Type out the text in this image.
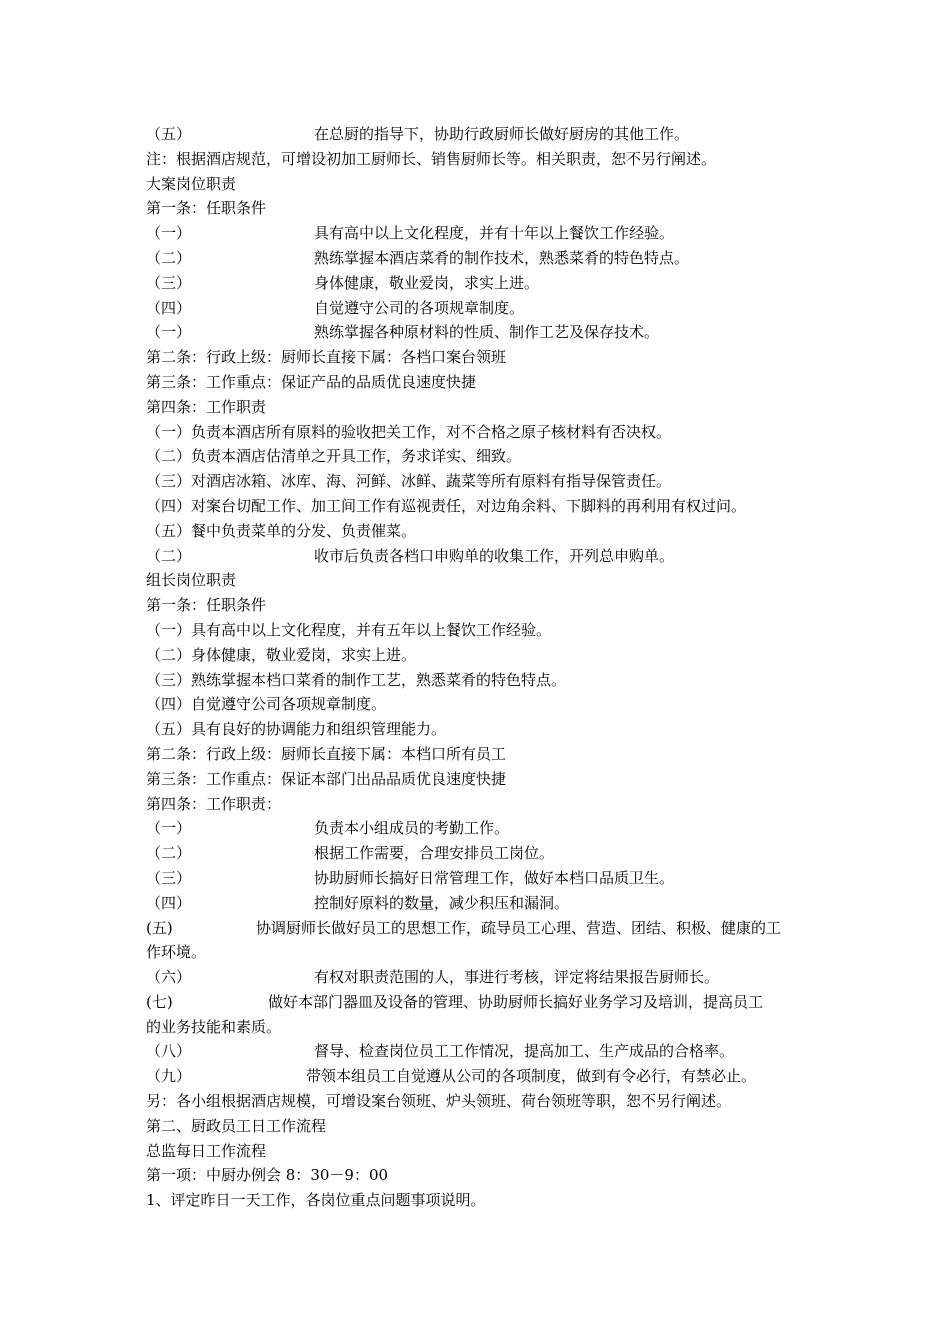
（五）	在总厨的指导下，协助行政厨师长做好厨房的其他工作。
注：根据酒店规范，可增设初加工厨师长、销售厨师长等。相关职责，恕不另行阐述。
大案岗位职责
第一条：任职条件
（一）	具有高中以上文化程度，并有十年以上餐饮工作经验。
（二）	熟练掌握本酒店菜肴的制作技术，熟悉菜肴的特色特点。
（三）	身体健康，敬业爱岗，求实上进。
（四）	自觉遵守公司的各项规章制度。
（一）	熟练掌握各种原材料的性质、制作工艺及保存技术。
第二条：行政上级：厨师长直接下属：各档口案台领班
第三条：工作重点：保证产品的品质优良速度快捷
第四条：工作职责
（一）负责本酒店所有原料的验收把关工作，对不合格之原子核材料有否决权。
（二）负责本酒店估清单之开具工作，务求详实、细致。
（三）对酒店冰箱、冰库、海、河鲜、冰鲜、蔬菜等所有原料有指导保管责任。
（四）对案台切配工作、加工间工作有巡视责任，对边角余料、下脚料的再利用有权过问。
（五）餐中负责菜单的分发、负责催菜。
（二）	收市后负责各档口申购单的收集工作，开列总申购单。
组长岗位职责
第一条：任职条件
（一）具有高中以上文化程度，并有五年以上餐饮工作经验。
（二）身体健康，敬业爱岗，求实上进。
（三）熟练掌握本档口菜肴的制作工艺，熟悉菜肴的特色特点。
（四）自觉遵守公司各项规章制度。
（五）具有良好的协调能力和组织管理能力。
第二条：行政上级：厨师长直接下属：本档口所有员工
第三条：工作重点：保证本部门出品品质优良速度快捷
第四条：工作职责：
（一）	负责本小组成员的考勤工作。
（二）	根据工作需要，合理安排员工岗位。
（三）	协助厨师长搞好日常管理工作，做好本档口品质卫生。
（四）	控制好原料的数量，减少积压和漏洞。
(五)	协调厨师长做好员工的思想工作，疏导员工心理、营造、团结、积极、健康的工
作环境。
（六）	有权对职责范围的人，事进行考核，评定将结果报告厨师长。
(七)	做好本部门器皿及设备的管理、协助厨师长搞好业务学习及培训，提高员工
的业务技能和素质。
（八）	督导、检查岗位员工工作情况，提高加工、生产成品的合格率。
（九）	带领本组员工自觉遵从公司的各项制度，做到有令必行，有禁必止。
另：各小组根据酒店规模，可增设案台领班、炉头领班、荷台领班等职，恕不另行阐述。
第二、厨政员工日工作流程
总监每日工作流程
第一项：中厨办例会 8：30－9：00
1、评定昨日一天工作，各岗位重点问题事项说明。
